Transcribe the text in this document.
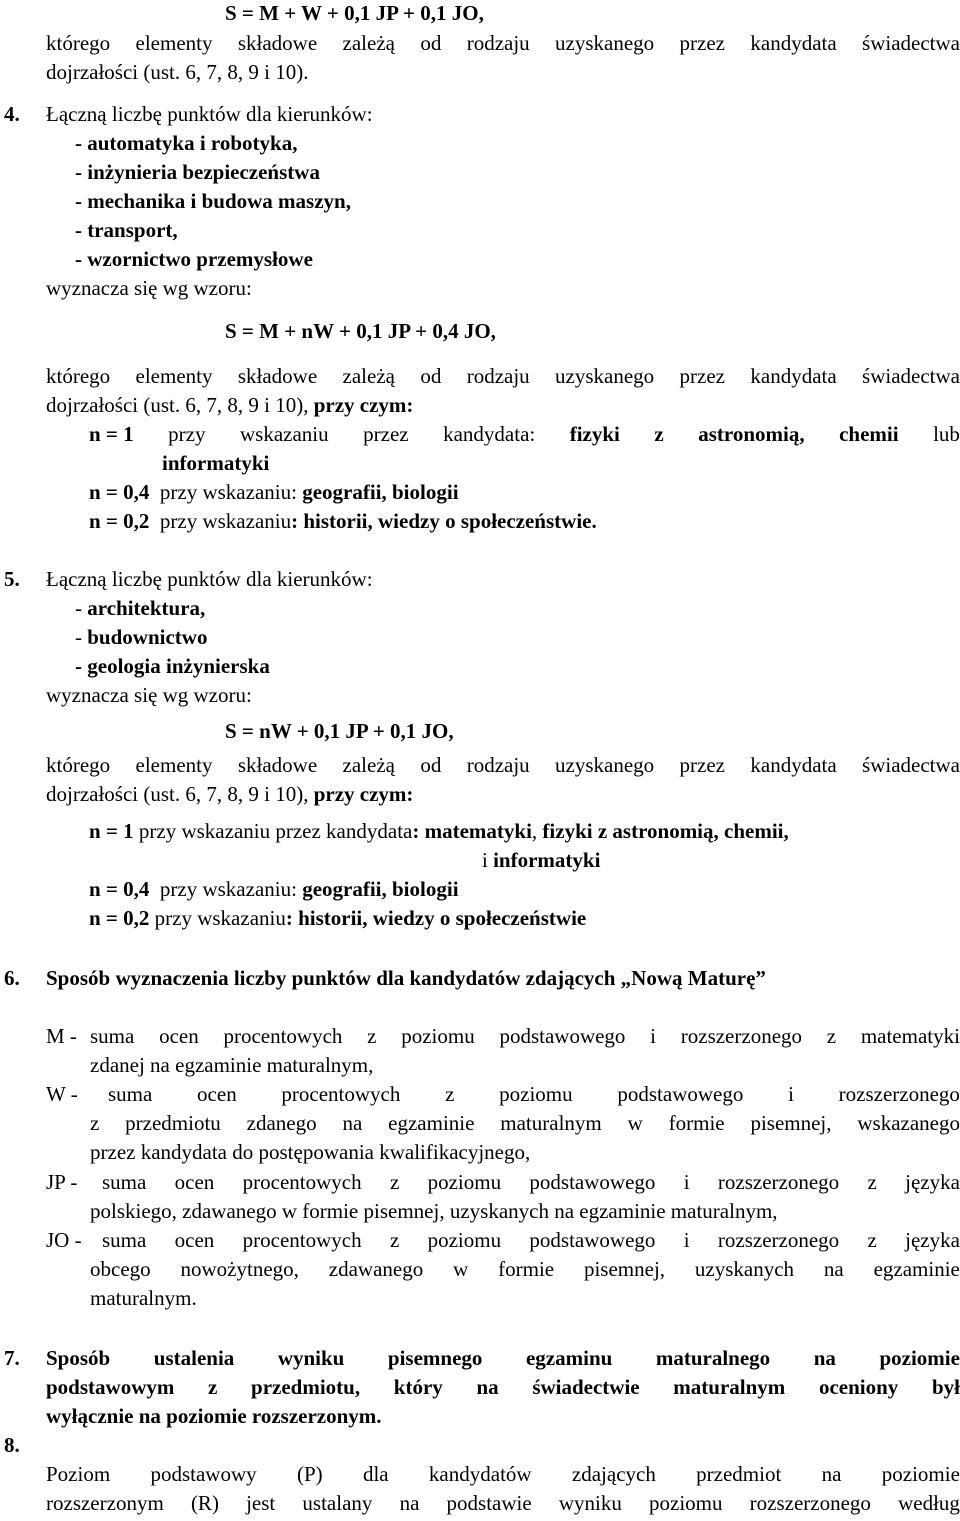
S = M + W + 0,1 JP + 0,1 JO,
którego elementy składowe zależą od rodzaju uzyskanego przez kandydata świadectwa
dojrzałości (ust. 6, 7, 8, 9 i 10).
4. Łączną liczbę punktów dla kierunków:
- automatyka i robotyka,
- inżynieria bezpieczeństwa
- mechanika i budowa maszyn,
- transport,
- wzornictwo przemysłowe
wyznacza się wg wzoru:
S = M + nW + 0,1 JP + 0,4 JO,
którego elementy składowe zależą od rodzaju uzyskanego przez kandydata świadectwa
dojrzałości (ust. 6, 7, 8, 9 i 10), przy czym:
n = 1 przy wskazaniu przez kandydata: fizyki z astronomią, chemii lub
informatyki
n = 0,4  przy wskazaniu: geografii, biologii
n = 0,2  przy wskazaniu: historii, wiedzy o społeczeństwie.
5. Łączną liczbę punktów dla kierunków:
- architektura,
- budownictwo
- geologia inżynierska
wyznacza się wg wzoru:
S = nW + 0,1 JP + 0,1 JO,
którego elementy składowe zależą od rodzaju uzyskanego przez kandydata świadectwa
dojrzałości (ust. 6, 7, 8, 9 i 10), przy czym:
n = 1 przy wskazaniu przez kandydata: matematyki, fizyki z astronomią, chemii,
i informatyki
n = 0,4  przy wskazaniu: geografii, biologii
n = 0,2 przy wskazaniu: historii, wiedzy o społeczeństwie
6. Sposób wyznaczenia liczby punktów dla kandydatów zdających „Nową Maturę”
M - suma ocen procentowych z poziomu podstawowego i rozszerzonego z matematyki
zdanej na egzaminie maturalnym,
W - suma ocen procentowych z poziomu podstawowego i rozszerzonego
z przedmiotu zdanego na egzaminie maturalnym w formie pisemnej, wskazanego
przez kandydata do postępowania kwalifikacyjnego,
JP - suma ocen procentowych z poziomu podstawowego i rozszerzonego z języka
polskiego, zdawanego w formie pisemnej, uzyskanych na egzaminie maturalnym,
JO - suma ocen procentowych z poziomu podstawowego i rozszerzonego z języka
obcego nowożytnego, zdawanego w formie pisemnej, uzyskanych na egzaminie
maturalnym.
7. Sposób ustalenia wyniku pisemnego egzaminu maturalnego na poziomie
podstawowym z przedmiotu, który na świadectwie maturalnym oceniony był
wyłącznie na poziomie rozszerzonym.
8.
Poziom podstawowy (P) dla kandydatów zdających przedmiot na poziomie
rozszerzonym (R) jest ustalany na podstawie wyniku poziomu rozszerzonego według
